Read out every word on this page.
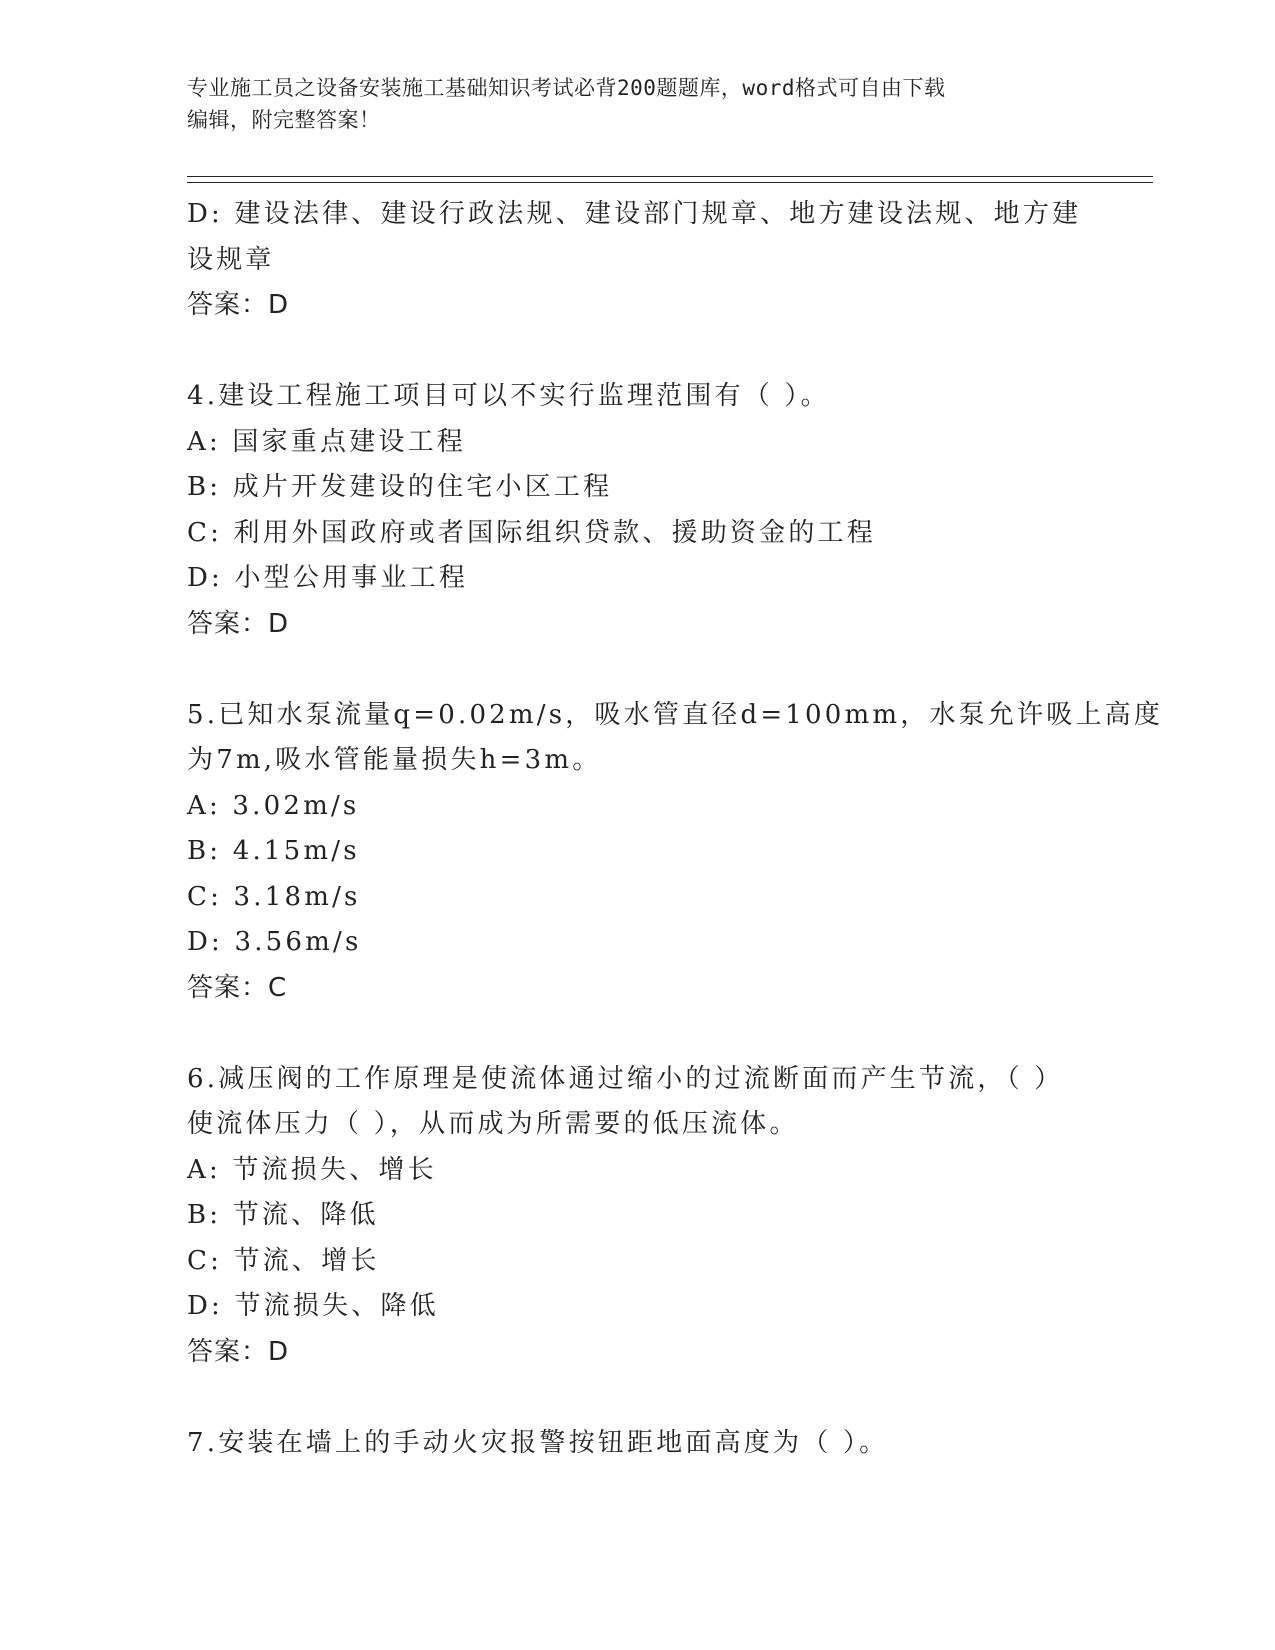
专业施工员之设备安装施工基础知识考试必背200题题库，word格式可自由下载
编辑，附完整答案！
D: 建设法律、建设行政法规、建设部门规章、地方建设法规、地方建
设规章
答案：D
4.建设工程施工项目可以不实行监理范围有（ ）。
A: 国家重点建设工程
B: 成片开发建设的住宅小区工程
C: 利用外国政府或者国际组织贷款、援助资金的工程
D: 小型公用事业工程
答案：D
5.已知水泵流量q=0.02m/s，吸水管直径d=100mm，水泵允许吸上高度
为7m,吸水管能量损失h=3m。
A: 3.02m/s
B: 4.15m/s
C: 3.18m/s
D: 3.56m/s
答案：C
6.减压阀的工作原理是使流体通过缩小的过流断面而产生节流，（ ）
使流体压力（ ），从而成为所需要的低压流体。
A: 节流损失、增长
B: 节流、降低
C: 节流、增长
D: 节流损失、降低
答案：D
7.安装在墙上的手动火灾报警按钮距地面高度为（ ）。
